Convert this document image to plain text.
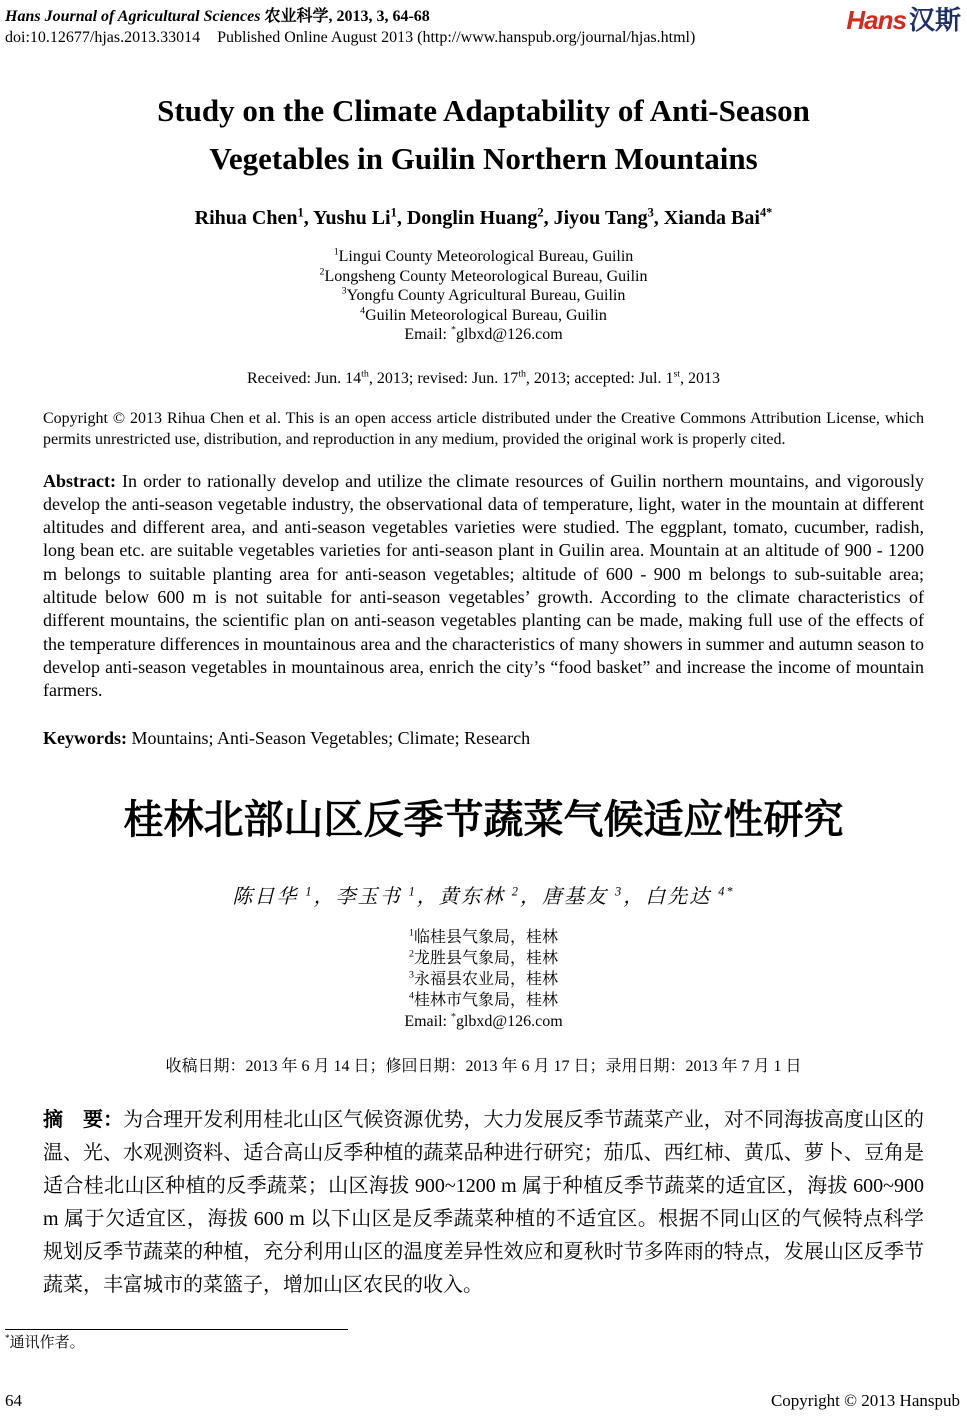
Hans Journal of Agricultural Sciences 农业科学, 2013, 3, 64-68
doi:10.12677/hjas.2013.33014 Published Online August 2013 (http://www.hanspub.org/journal/hjas.html)
Hans 汉斯
Study on the Climate Adaptability of Anti-Season Vegetables in Guilin Northern Mountains

Rihua Chen$^1$, Yushu Li$^1$, Donglin Huang$^2$, Jiyou Tang$^3$, Xianda Bai$^{4*}$

$^1$Lingui County Meteorological Bureau, Guilin
$^2$Longsheng County Meteorological Bureau, Guilin
$^3$Yongfu County Agricultural Bureau, Guilin
$^4$Guilin Meteorological Bureau, Guilin
Email: *glbxd@126.com

Received: Jun. 14th, 2013; revised: Jun. 17th, 2013; accepted: Jul. 1st, 2013

Copyright © 2013 Rihua Chen et al. This is an open access article distributed under the Creative Commons Attribution License, which permits unrestricted use, distribution, and reproduction in any medium, provided the original work is properly cited.

Abstract: In order to rationally develop and utilize the climate resources of Guilin northern mountains, and vigorously develop the anti-season vegetable industry, the observational data of temperature, light, water in the mountain at different altitudes and different area, and anti-season vegetables varieties were studied. The eggplant, tomato, cucumber, radish, long bean etc. are suitable vegetables varieties for anti-season plant in Guilin area. Mountain at an altitude of 900 - 1200 m belongs to suitable planting area for anti-season vegetables; altitude of 600 - 900 m belongs to sub-suitable area; altitude below 600 m is not suitable for anti-season vegetables’ growth. According to the climate characteristics of different mountains, the scientific plan on anti-season vegetables planting can be made, making full use of the effects of the temperature differences in mountainous area and the characteristics of many showers in summer and autumn season to develop anti-season vegetables in mountainous area, enrich the city’s “food basket” and increase the income of mountain farmers.

Keywords: Mountains; Anti-Season Vegetables; Climate; Research

桂林北部山区反季节蔬菜气候适应性研究

陈日华 $^1$，李玉书 $^1$，黄东林 $^2$，唐基友 $^3$，白先达 $^{4*}$

$^1$临桂县气象局，桂林
$^2$龙胜县气象局，桂林
$^3$永福县农业局，桂林
$^4$桂林市气象局，桂林
Email: *glbxd@126.com

收稿日期：2013 年 6 月 14 日；修回日期：2013 年 6 月 17 日；录用日期：2013 年 7 月 1 日

摘　要：为合理开发利用桂北山区气候资源优势，大力发展反季节蔬菜产业，对不同海拔高度山区的温、光、水观测资料、适合高山反季种植的蔬菜品种进行研究；茄瓜、西红柿、黄瓜、萝卜、豆角是适合桂北山区种植的反季蔬菜；山区海拔 900~1200 m 属于种植反季节蔬菜的适宜区，海拔 600~900 m 属于欠适宜区，海拔 600 m 以下山区是反季蔬菜种植的不适宜区。根据不同山区的气候特点科学规划反季节蔬菜的种植，充分利用山区的温度差异性效应和夏秋时节多阵雨的特点，发展山区反季节蔬菜，丰富城市的菜篮子，增加山区农民的收入。

*通讯作者。
64	Copyright © 2013 Hanspub
